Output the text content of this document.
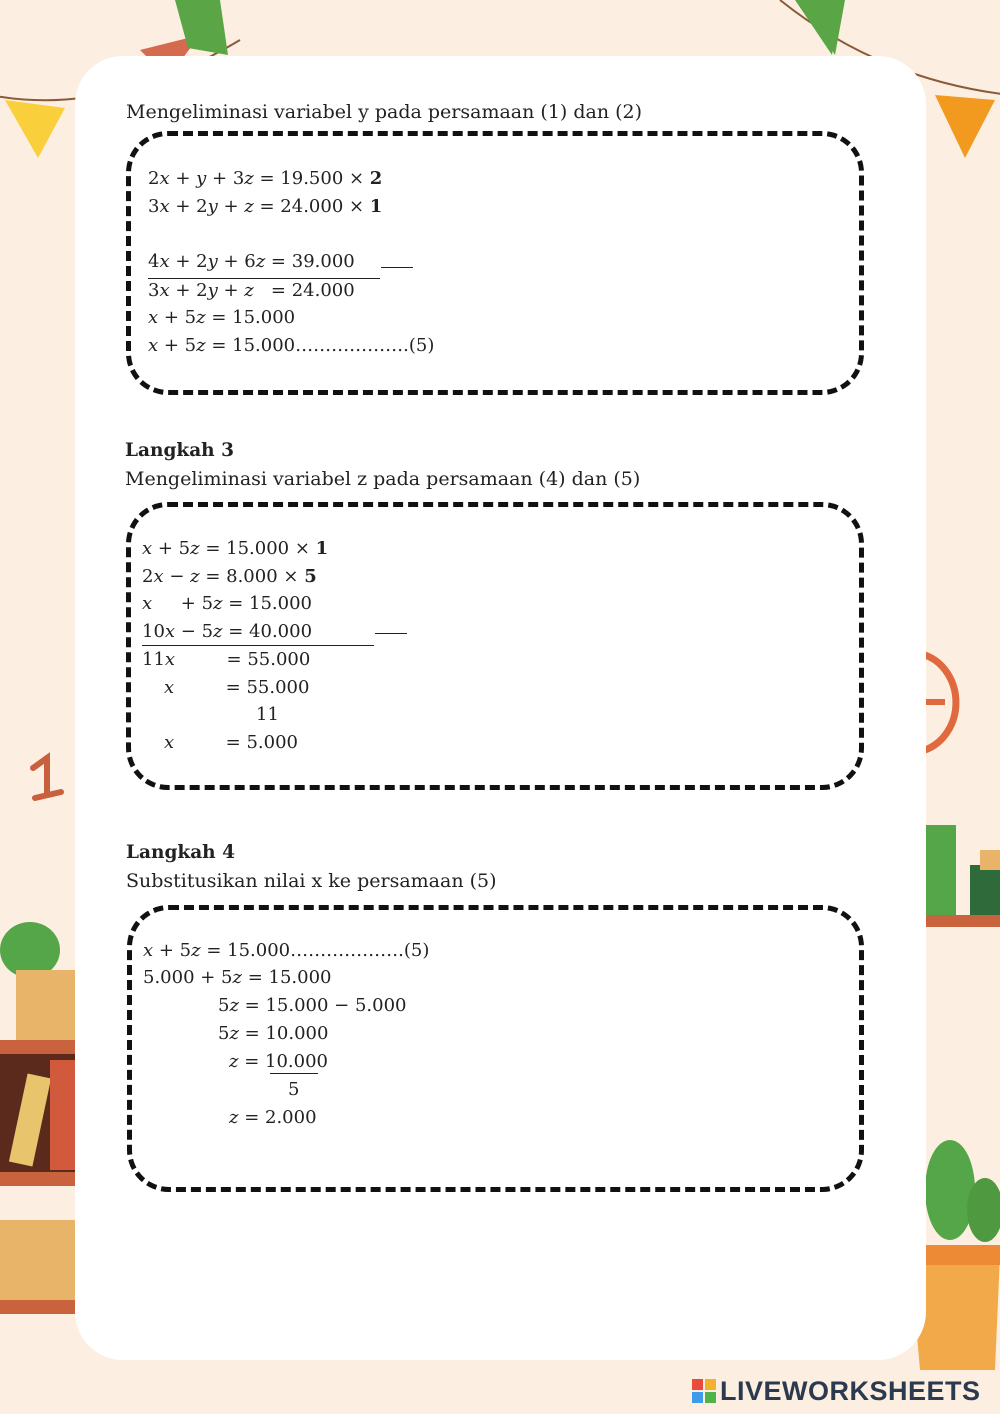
Mengeliminasi variabel y pada persamaan (1) dan (2)
2𝑥 + 𝑦 + 3𝑧 = 19.500 × 2
3𝑥 + 2𝑦 + 𝑧 = 24.000 × 1
4𝑥 + 2𝑦 + 6𝑧 = 39.000
3𝑥 + 2𝑦 + 𝑧   = 24.000
𝑥 + 5𝑧 = 15.000
𝑥 + 5𝑧 = 15.000……………….(5)
Langkah 3
Mengeliminasi variabel z pada persamaan (4) dan (5)
𝑥 + 5𝑧 = 15.000 × 1
2𝑥 − 𝑧 = 8.000 × 5
𝑥     + 5𝑧 = 15.000
10𝑥 − 5𝑧 = 40.000
11𝑥         = 55.000
𝑥         = 55.000
11
𝑥         = 5.000
Langkah 4
Substitusikan nilai x ke persamaan (5)
𝑥 + 5𝑧 = 15.000……………….(5)
5.000 + 5𝑧 = 15.000
5𝑧 = 15.000 − 5.000
5𝑧 = 10.000
𝑧 = 10.000
5
𝑧 = 2.000
LIVEWORKSHEETS
